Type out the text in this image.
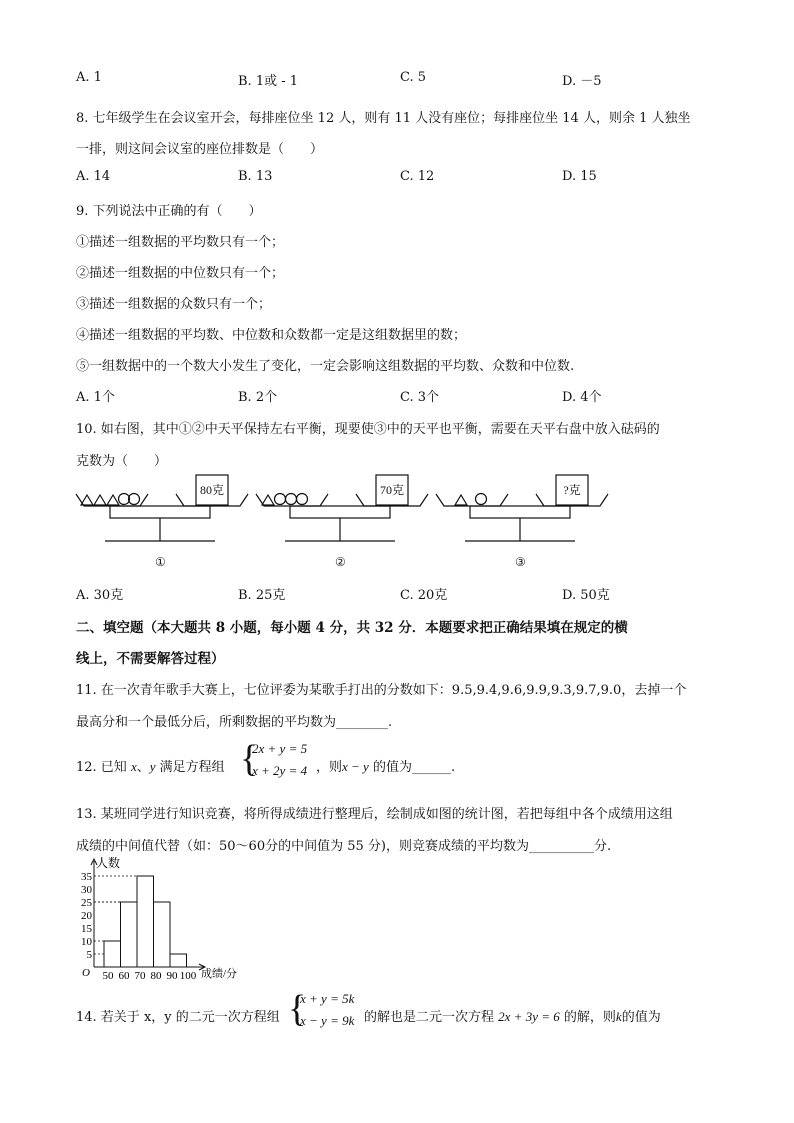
A. 1	B. 1或 - 1	C. 5	D. －5
8. 七年级学生在会议室开会，每排座位坐 12 人，则有 11 人没有座位；每排座位坐 14 人，则余 1 人独坐
一排，则这间会议室的座位排数是（　　）
A. 14	B. 13	C. 12	D. 15
9. 下列说法中正确的有（　　）
①描述一组数据的平均数只有一个；
②描述一组数据的中位数只有一个；
③描述一组数据的众数只有一个；
④描述一组数据的平均数、中位数和众数都一定是这组数据里的数；
⑤一组数据中的一个数大小发生了变化，一定会影响这组数据的平均数、众数和中位数.
A. 1个	B. 2个	C. 3个	D. 4个
10. 如右图，其中①②中天平保持左右平衡，现要使③中的天平也平衡，需要在天平右盘中放入砝码的
克数为（　　）
80克	70克	?克
A. 30克	B. 25克	C. 20克	D. 50克
二、填空题（本大题共 8 小题，每小题 4 分，共 32 分．本题要求把正确结果填在规定的横
线上，不需要解答过程）
11. 在一次青年歌手大赛上，七位评委为某歌手打出的分数如下：9.5,9.4,9.6,9.9,9.3,9.7,9.0，去掉一个
最高分和一个最低分后，所剩数据的平均数为________.
12. 已知 x、y 满足方程组 {
2x + y = 5
x + 2y = 4 ，则x − y 的值为______.
13. 某班同学进行知识竞赛，将所得成绩进行整理后，绘制成如图的统计图，若把每组中各个成绩用这组
成绩的中间值代替（如：50～60分的中间值为 55 分)，则竞赛成绩的平均数为__________分.
5
10
15
20
25
30
35
50 60 70 80 90 100
人数
成绩/分
O
14. 若关于 x，y 的二元一次方程组 {
x + y = 5k
x − y = 9k 的解也是二元一次方程 2x + 3y = 6 的解，则k的值为
①	②	③
